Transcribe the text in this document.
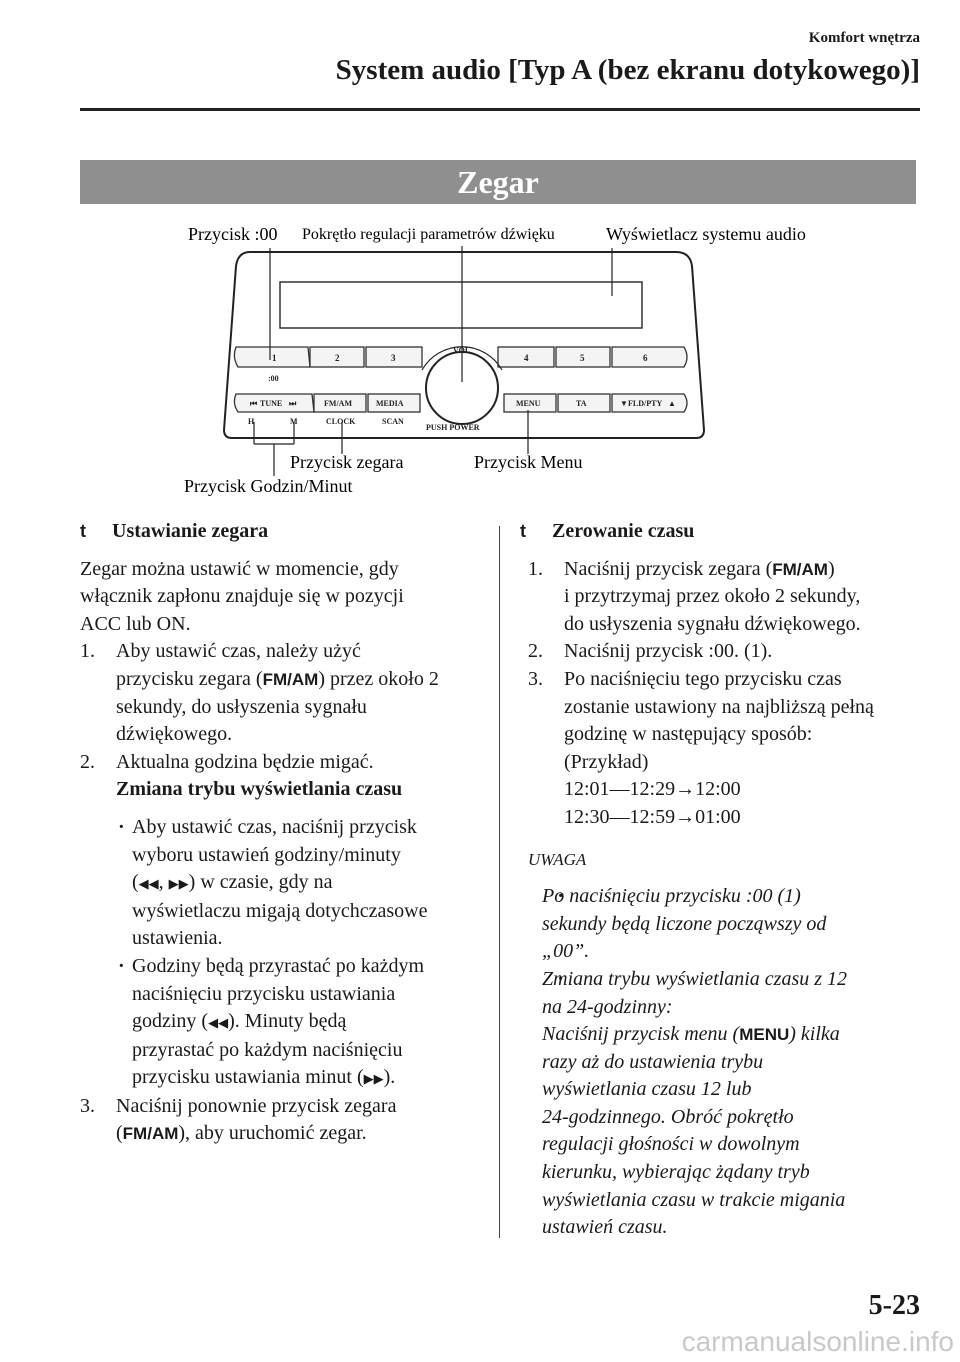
Komfort wnętrza
System audio [Typ A (bez ekranu dotykowego)]
Zegar
Przycisk :00 Pokrętło regulacji parametrów dźwięku	Wyświetlacz systemu audio
Przycisk zegara	Przycisk Menu
Przycisk Godzin/Minut
1	2	3	4	5	6
:00
VOL
PUSH POWER
⏮ TUNE ⏭	FM/AM	MEDIA	MENU	TA	▼ FLD/PTY ▲
H	M	CLOCK	SCAN

t Ustawianie zegara

Zegar można ustawić w momencie, gdy

włącznik zapłonu znajduje się w pozycji

ACC lub ON.

1. Aby ustawić czas, należy użyć

przycisku zegara (FM/AM) przez około 2

sekundy, do usłyszenia sygnału

dźwiękowego.

2. Aktualna godzina będzie migać.

Zmiana trybu wyświetlania czasu

· Aby ustawić czas, naciśnij przycisk

wyboru ustawień godziny/minuty

(◀◀, ▶▶) w czasie, gdy na

wyświetlaczu migają dotychczasowe

ustawienia.

· Godziny będą przyrastać po każdym

naciśnięciu przycisku ustawiania

godziny (◀◀). Minuty będą

przyrastać po każdym naciśnięciu

przycisku ustawiania minut (▶▶).

3. Naciśnij ponownie przycisk zegara

(FM/AM), aby uruchomić zegar.

t Zerowanie czasu

1. Naciśnij przycisk zegara (FM/AM)

i przytrzymaj przez około 2 sekundy,

do usłyszenia sygnału dźwiękowego.

2. Naciśnij przycisk :00. (1).

3. Po naciśnięciu tego przycisku czas

zostanie ustawiony na najbliższą pełną

godzinę w następujący sposób:

(Przykład)

12:01―12:29→12:00

12:30―12:59→01:00

UWAGA

· Po naciśnięciu przycisku :00 (1)

sekundy będą liczone począwszy od

„00”.

· Zmiana trybu wyświetlania czasu z 12

na 24-godzinny:

Naciśnij przycisk menu (MENU) kilka

razy aż do ustawienia trybu

wyświetlania czasu 12 lub

24-godzinnego. Obróć pokrętło

regulacji głośności w dowolnym

kierunku, wybierając żądany tryb

wyświetlania czasu w trakcie migania

ustawień czasu.

5-23
carmanualsonline.info
